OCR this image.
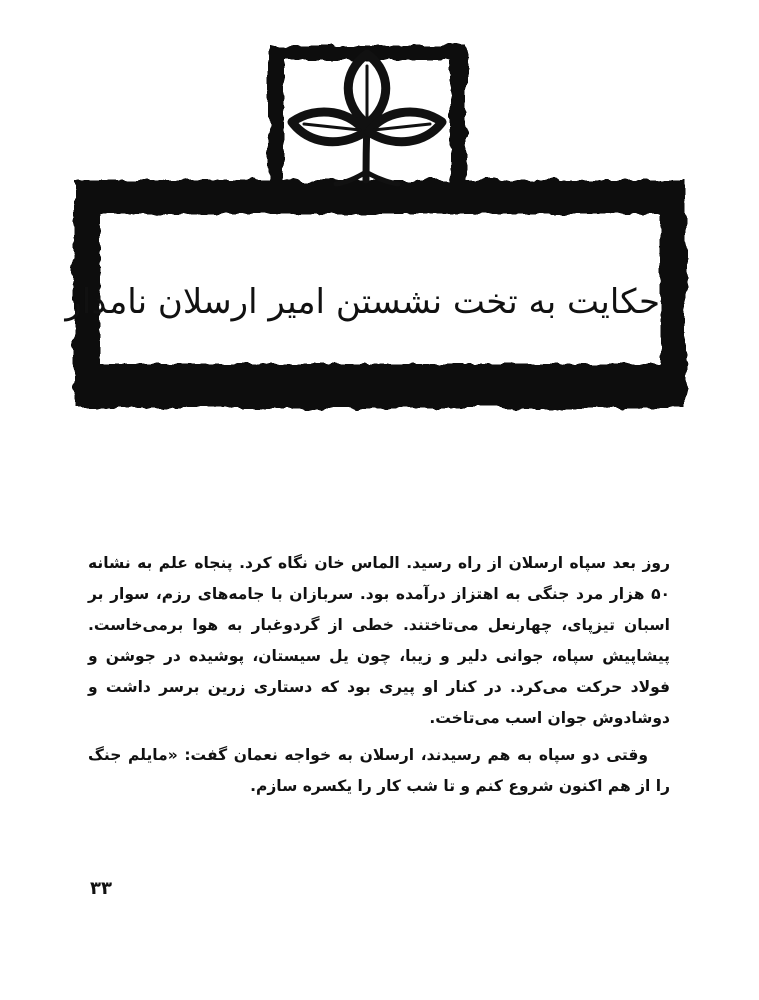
حکایت به تخت نشستن امیر ارسلان نامدار

روز بعد سپاه ارسلان از راه رسید. الماس خان نگاه کرد. پنجاه علم به نشانه ۵۰ هزار مرد جنگی به اهتزاز درآمده بود. سربازان با جامه‌های رزم، سوار بر اسبان تیزپای، چهارنعل می‌تاختند. خطی از گردوغبار به هوا برمی‌خاست. پیشاپیش سپاه، جوانی دلیر و زیبا، چون یل سیستان، پوشیده در جوشن و فولاد حرکت می‌کرد. در کنار او پیری بود که دستاری زرین برسر داشت و دوشادوش جوان اسب می‌تاخت.

وقتی دو سپاه به هم رسیدند، ارسلان به خواجه نعمان گفت: «مایلم جنگ را از هم اکنون شروع کنم و تا شب کار را یکسره سازم.

۳۳
